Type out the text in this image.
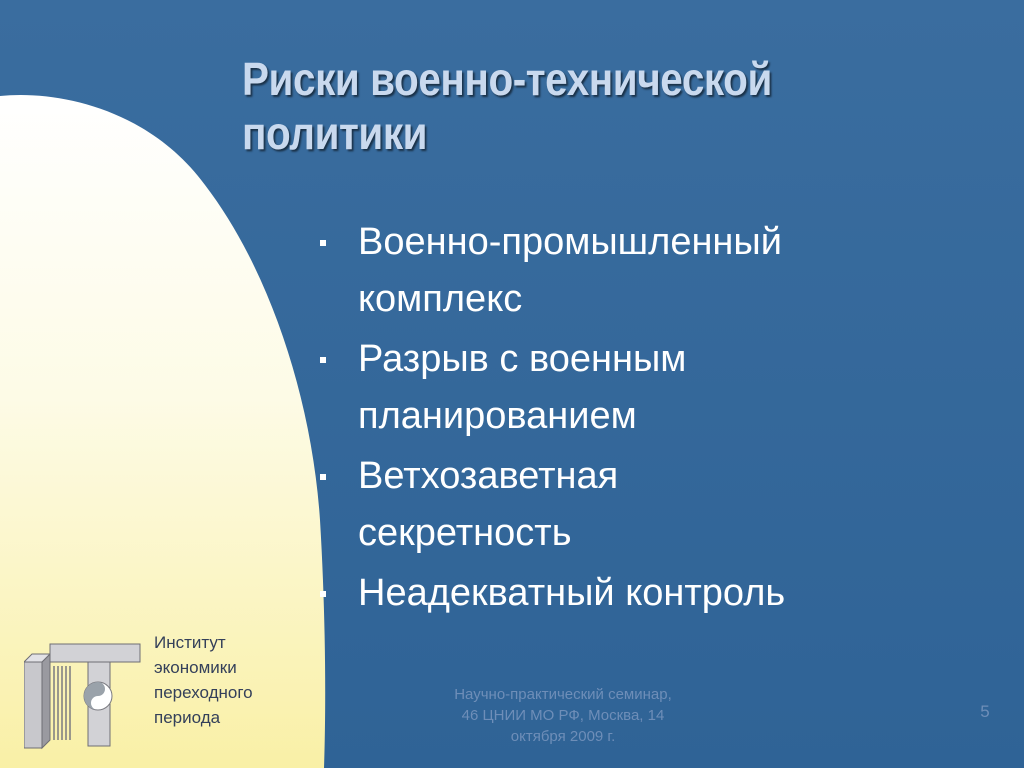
Риски военно-технической
политики
Военно-промышленный
комплекс
Разрыв с военным
планированием
Ветхозаветная
секретность
Неадекватный контроль
Институт
экономики
переходного
периода
Научно-практический семинар,
46 ЦНИИ МО РФ, Москва, 14
октября 2009 г.
5
